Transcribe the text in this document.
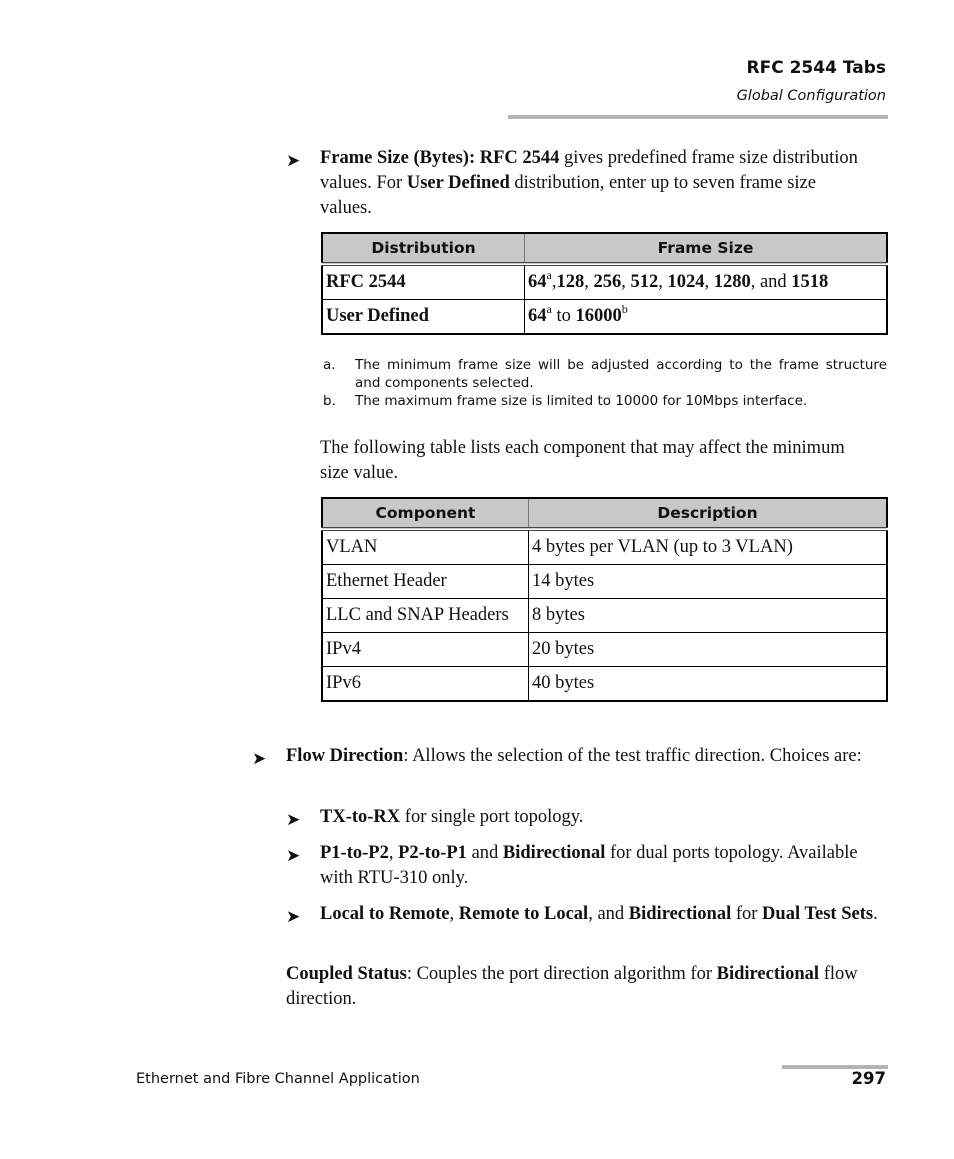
RFC 2544 Tabs
Global Configuration
➤ Frame Size (Bytes): RFC 2544 gives predefined frame size distribution values. For User Defined distribution, enter up to seven frame size values.
Distribution	Frame Size
RFC 2544	64$^a$,128, 256, 512, 1024, 1280, and 1518
User Defined	64$^a$ to 16000$^b$
a. The minimum frame size will be adjusted according to the frame structure and components selected.
b. The maximum frame size is limited to 10000 for 10Mbps interface.
The following table lists each component that may affect the minimum size value.
Component	Description
VLAN	4 bytes per VLAN (up to 3 VLAN)
Ethernet Header	14 bytes
LLC and SNAP Headers	8 bytes
IPv4	20 bytes
IPv6	40 bytes
➤ Flow Direction: Allows the selection of the test traffic direction. Choices are:
➤ TX-to-RX for single port topology.
➤ P1-to-P2, P2-to-P1 and Bidirectional for dual ports topology. Available with RTU-310 only.
➤ Local to Remote, Remote to Local, and Bidirectional for Dual Test Sets.
Coupled Status: Couples the port direction algorithm for Bidirectional flow direction.
Ethernet and Fibre Channel Application	297
